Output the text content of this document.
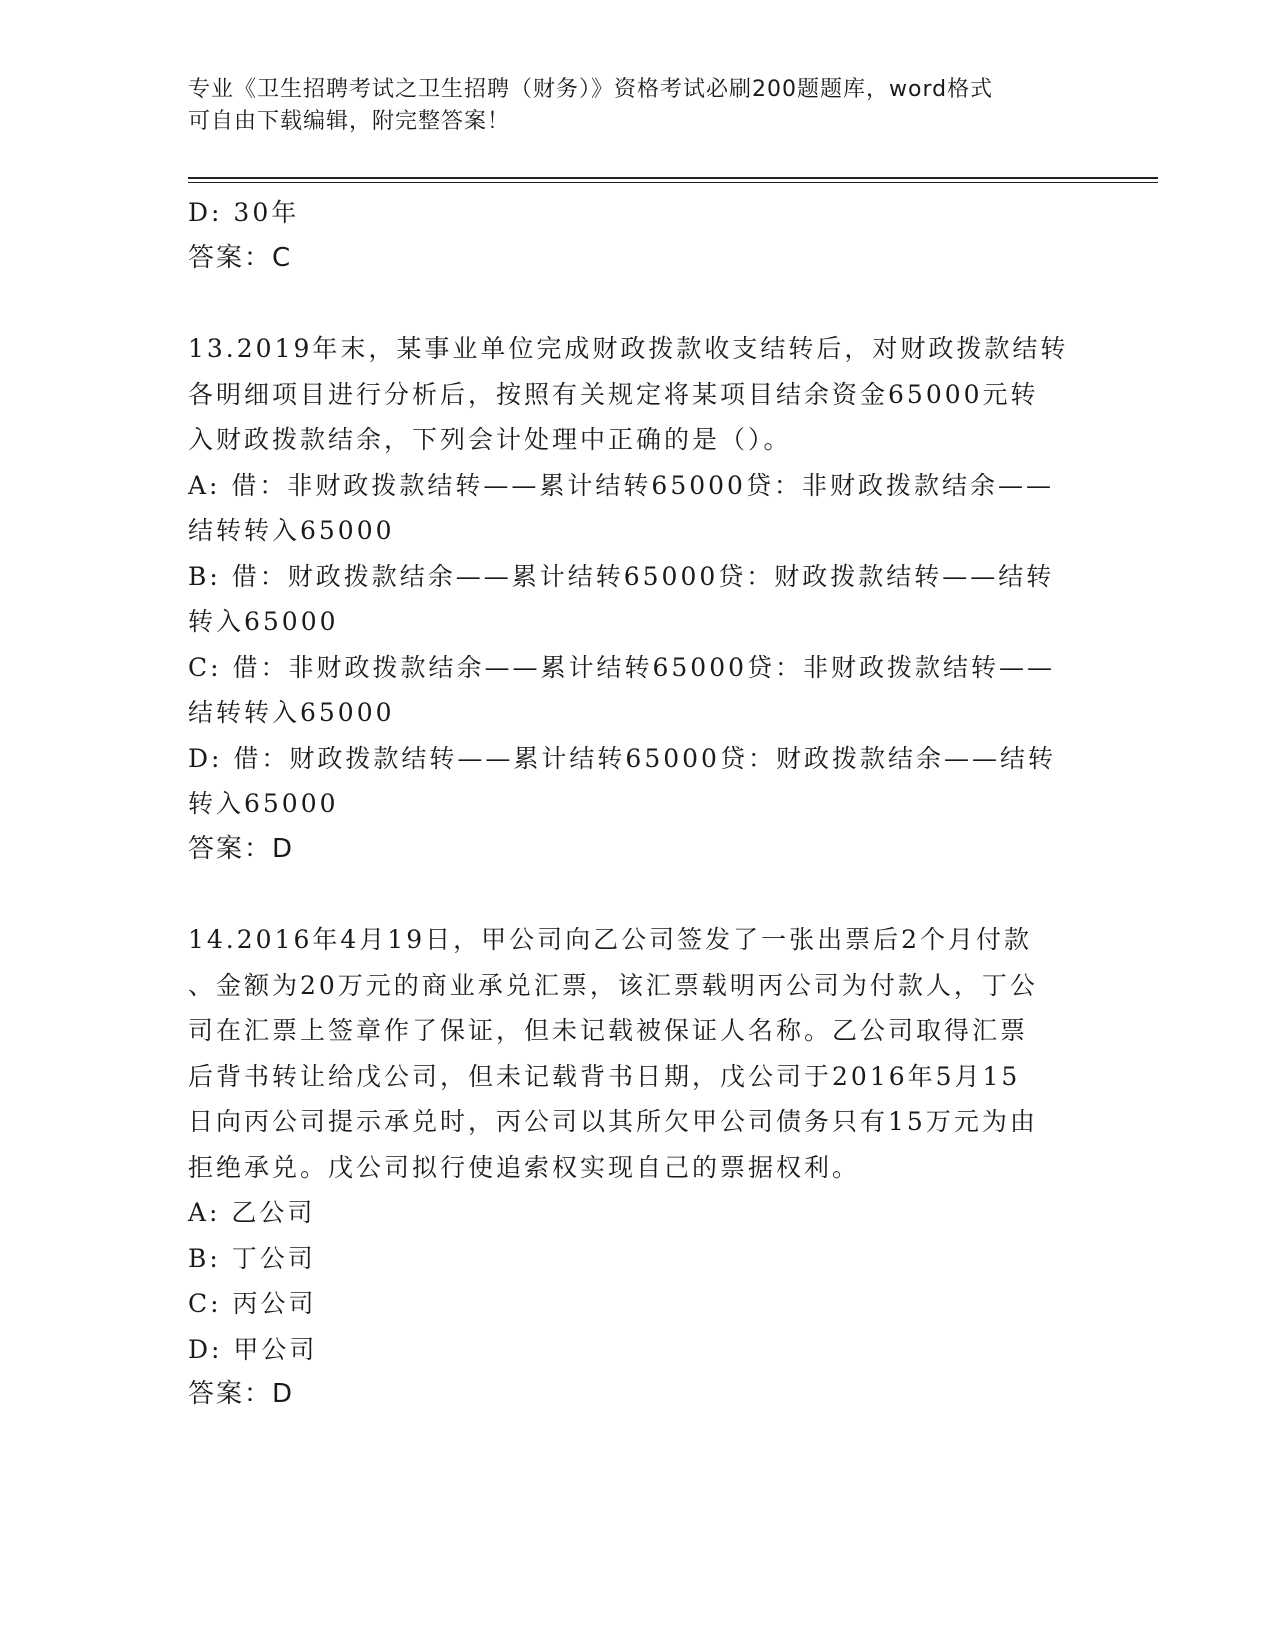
专业《卫生招聘考试之卫生招聘（财务）》资格考试必刷200题题库，word格式
可自由下载编辑，附完整答案！
D: 30年
答案：C
13.2019年末，某事业单位完成财政拨款收支结转后，对财政拨款结转
各明细项目进行分析后，按照有关规定将某项目结余资金65000元转
入财政拨款结余，下列会计处理中正确的是（）。
A: 借：非财政拨款结转——累计结转65000贷：非财政拨款结余——
结转转入65000
B: 借：财政拨款结余——累计结转65000贷：财政拨款结转——结转
转入65000
C: 借：非财政拨款结余——累计结转65000贷：非财政拨款结转——
结转转入65000
D: 借：财政拨款结转——累计结转65000贷：财政拨款结余——结转
转入65000
答案：D
14.2016年4月19日，甲公司向乙公司签发了一张出票后2个月付款
、金额为20万元的商业承兑汇票，该汇票载明丙公司为付款人，丁公
司在汇票上签章作了保证，但未记载被保证人名称。乙公司取得汇票
后背书转让给戊公司，但未记载背书日期，戊公司于2016年5月15
日向丙公司提示承兑时，丙公司以其所欠甲公司债务只有15万元为由
拒绝承兑。戊公司拟行使追索权实现自己的票据权利。
A: 乙公司
B: 丁公司
C: 丙公司
D: 甲公司
答案：D
